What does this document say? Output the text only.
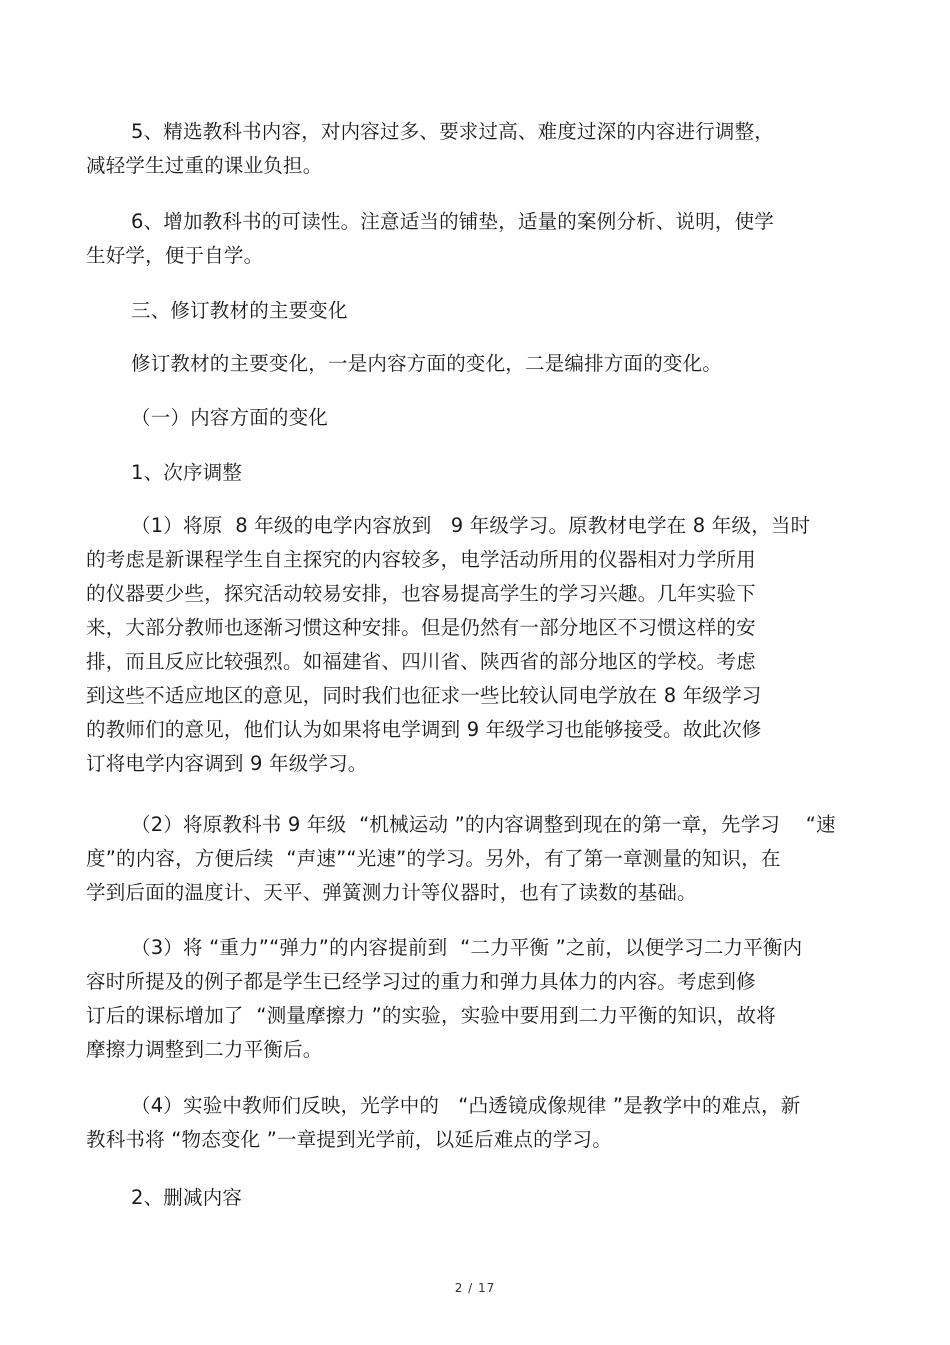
5、精选教科书内容，对内容过多、要求过高、难度过深的内容进行调整，
减轻学生过重的课业负担。
6、增加教科书的可读性。注意适当的铺垫，适量的案例分析、说明，使学
生好学，便于自学。
三、修订教材的主要变化
修订教材的主要变化，一是内容方面的变化，二是编排方面的变化。
（一）内容方面的变化
1、次序调整
（1）将原  8 年级的电学内容放到   9 年级学习。原教材电学在 8 年级，当时
的考虑是新课程学生自主探究的内容较多，电学活动所用的仪器相对力学所用
的仪器要少些，探究活动较易安排，也容易提高学生的学习兴趣。几年实验下
来，大部分教师也逐渐习惯这种安排。但是仍然有一部分地区不习惯这样的安
排，而且反应比较强烈。如福建省、四川省、陕西省的部分地区的学校。考虑
到这些不适应地区的意见，同时我们也征求一些比较认同电学放在 8 年级学习
的教师们的意见，他们认为如果将电学调到 9 年级学习也能够接受。故此次修
订将电学内容调到 9 年级学习。
（2）将原教科书 9 年级  “机械运动 ”的内容调整到现在的第一章，先学习    “速
度”的内容，方便后续  “声速”“光速”的学习。另外，有了第一章测量的知识，在
学到后面的温度计、天平、弹簧测力计等仪器时，也有了读数的基础。
（3）将 “重力”“弹力”的内容提前到  “二力平衡 ”之前，以便学习二力平衡内
容时所提及的例子都是学生已经学习过的重力和弹力具体力的内容。考虑到修
订后的课标增加了  “测量摩擦力 ”的实验，实验中要用到二力平衡的知识，故将
摩擦力调整到二力平衡后。
（4）实验中教师们反映，光学中的   “凸透镜成像规律 ”是教学中的难点，新
教科书将 “物态变化 ”一章提到光学前，以延后难点的学习。
2、删减内容
2 / 17
